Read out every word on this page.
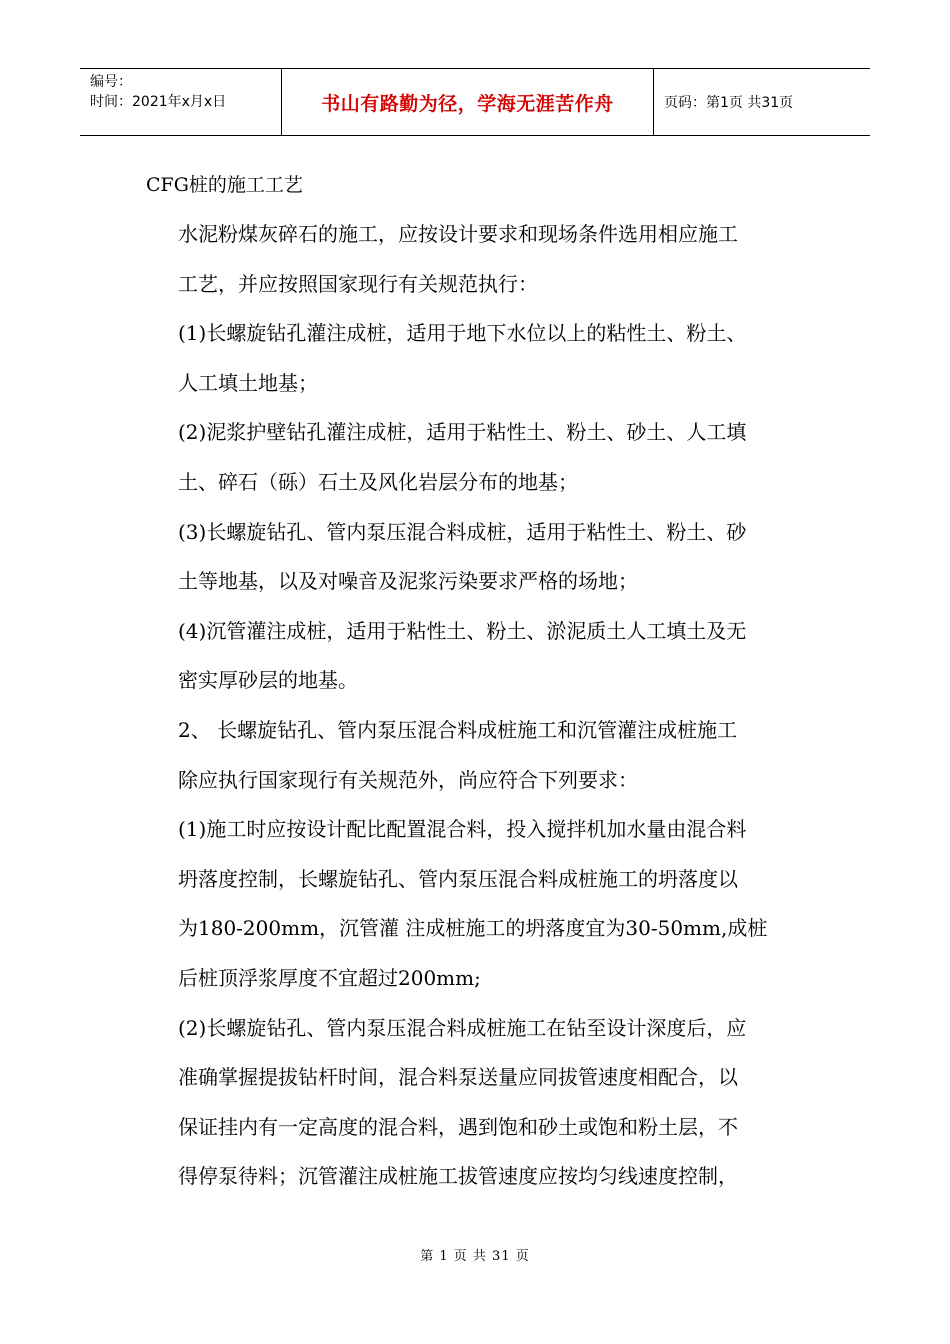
编号：
时间：2021年x月x日	书山有路勤为径，学海无涯苦作舟	页码：第1页 共31页
CFG桩的施工工艺
水泥粉煤灰碎石的施工，应按设计要求和现场条件选用相应施工
工艺，并应按照国家现行有关规范执行：
(1)长螺旋钻孔灌注成桩，适用于地下水位以上的粘性土、粉土、
人工填土地基；
(2)泥浆护壁钻孔灌注成桩，适用于粘性土、粉土、砂土、人工填
土、碎石（砾）石土及风化岩层分布的地基；
(3)长螺旋钻孔、管内泵压混合料成桩，适用于粘性土、粉土、砂
土等地基，以及对噪音及泥浆污染要求严格的场地；
(4)沉管灌注成桩，适用于粘性土、粉土、淤泥质土人工填土及无
密实厚砂层的地基。
2、 长螺旋钻孔、管内泵压混合料成桩施工和沉管灌注成桩施工
除应执行国家现行有关规范外，尚应符合下列要求：
(1)施工时应按设计配比配置混合料，投入搅拌机加水量由混合料
坍落度控制，长螺旋钻孔、管内泵压混合料成桩施工的坍落度以
为180-200mm，沉管灌 注成桩施工的坍落度宜为30-50mm,成桩
后桩顶浮浆厚度不宜超过200mm;
(2)长螺旋钻孔、管内泵压混合料成桩施工在钻至设计深度后，应
准确掌握提拔钻杆时间，混合料泵送量应同拔管速度相配合，以
保证挂内有一定高度的混合料，遇到饱和砂土或饱和粉土层，不
得停泵待料；沉管灌注成桩施工拔管速度应按均匀线速度控制，
第 1 页 共 31 页
